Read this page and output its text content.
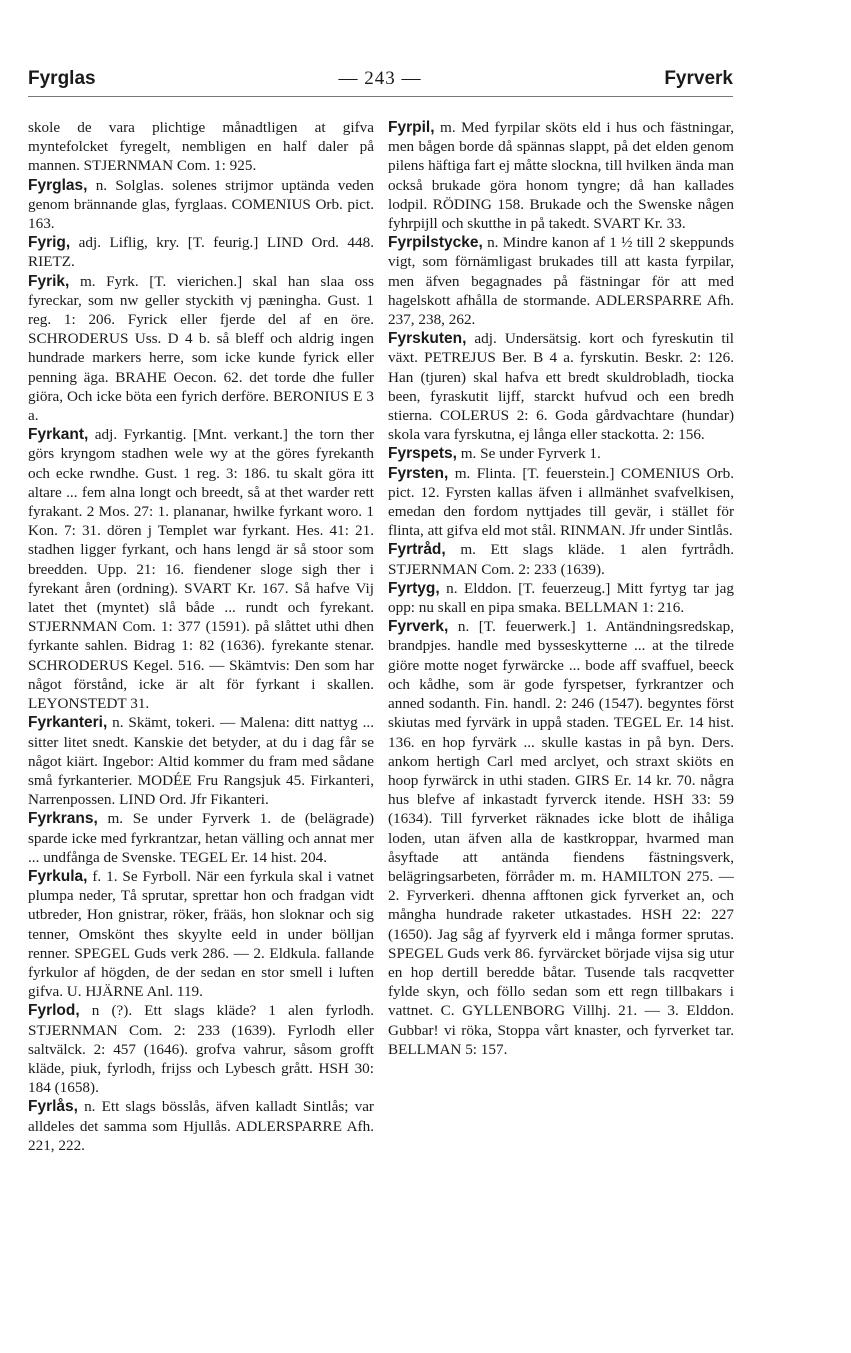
Fyrglas	— 243 —	Fyrverk

skole de vara plichtige månadtligen at gifva myntefolcket fyregelt, nembligen en half daler på mannen. STJERNMAN Com. 1: 925.

Fyrglas, n. Solglas. solenes strijmor uptända veden genom brännande glas, fyrglaas. COMENIUS Orb. pict. 163.

Fyrig, adj. Liflig, kry. [T. feurig.] LIND Ord. 448. RIETZ.

Fyrik, m. Fyrk. [T. vierichen.] skal han slaa oss fyreckar, som nw geller styckith vj pæningha. Gust. 1 reg. 1: 206. Fyrick eller fjerde del af en öre. SCHRODERUS Uss. D 4 b. så bleff och aldrig ingen hundrade markers herre, som icke kunde fyrick eller penning äga. BRAHE Oecon. 62. det torde dhe fuller giöra, Och icke böta een fyrich derföre. BERONIUS E 3 a.

Fyrkant, adj. Fyrkantig. [Mnt. verkant.] the torn ther görs kryngom stadhen wele wy at the göres fyrekanth och ecke rwndhe. Gust. 1 reg. 3: 186. tu skalt göra itt altare ... fem alna longt och breedt, så at thet warder rett fyrakant. 2 Mos. 27: 1. plananar, hwilke fyrkant woro. 1 Kon. 7: 31. dören j Templet war fyrkant. Hes. 41: 21. stadhen ligger fyrkant, och hans lengd är så stoor som breedden. Upp. 21: 16. fiendener sloge sigh ther i fyrekant åren (ordning). SVART Kr. 167. Så hafve Vij latet thet (myntet) slå både ... rundt och fyrekant. STJERNMAN Com. 1: 377 (1591). på slåttet uthi dhen fyrkante sahlen. Bidrag 1: 82 (1636). fyrekante stenar. SCHRODERUS Kegel. 516. — Skämtvis: Den som har något förstånd, icke är alt för fyrkant i skallen. LEYONSTEDT 31.

Fyrkanteri, n. Skämt, tokeri. — Malena: ditt nattyg ... sitter litet snedt. Kanskie det betyder, at du i dag får se något kiärt. Ingebor: Altid kommer du fram med sådane små fyrkanterier. MODÉE Fru Rangsjuk 45. Firkanteri, Narrenpossen. LIND Ord. Jfr Fikanteri.

Fyrkrans, m. Se under Fyrverk 1. de (belägrade) sparde icke med fyrkrantzar, hetan välling och annat mer ... undfånga de Svenske. TEGEL Er. 14 hist. 204.

Fyrkula, f. 1. Se Fyrboll. När een fyrkula skal i vatnet plumpa neder, Tå sprutar, sprettar hon och fradgan vidt utbreder, Hon gnistrar, röker, frääs, hon sloknar och sig tenner, Omskönt thes skyylte eeld in under bölljan renner. SPEGEL Guds verk 286. — 2. Eldkula. fallande fyrkulor af högden, de der sedan en stor smell i luften gifva. U. HJÄRNE Anl. 119.

Fyrlod, n (?). Ett slags kläde? 1 alen fyrlodh. STJERNMAN Com. 2: 233 (1639). Fyrlodh eller saltvälck. 2: 457 (1646). grofva vahrur, såsom grofft kläde, piuk, fyrlodh, frijss och Lybesch grått. HSH 30: 184 (1658).

Fyrlås, n. Ett slags bösslås, äfven kalladt Sintlås; var alldeles det samma som Hjullås. ADLERSPARRE Afh. 221, 222.

Fyrpil, m. Med fyrpilar sköts eld i hus och fästningar, men bågen borde då spännas slappt, på det elden genom pilens häftiga fart ej måtte slockna, till hvilken ända man också brukade göra honom tyngre; då han kallades lodpil. RÖDING 158. Brukade och the Swenske någen fyhrpijll och skutthe in på takedt. SVART Kr. 33.

Fyrpilstycke, n. Mindre kanon af 1 ½ till 2 skeppunds vigt, som förnämligast brukades till att kasta fyrpilar, men äfven begagnades på fästningar för att med hagelskott afhålla de stormande. ADLERSPARRE Afh. 237, 238, 262.

Fyrskuten, adj. Undersätsig. kort och fyreskutin til växt. PETREJUS Ber. B 4 a. fyrskutin. Beskr. 2: 126. Han (tjuren) skal hafva ett bredt skuldrobladh, tiocka been, fyraskutit lijff, starckt hufvud och een bredh stierna. COLERUS 2: 6. Goda gårdvachtare (hundar) skola vara fyrskutna, ej långa eller stackotta. 2: 156.

Fyrspets, m. Se under Fyrverk 1.

Fyrsten, m. Flinta. [T. feuerstein.] COMENIUS Orb. pict. 12. Fyrsten kallas äfven i allmänhet svafvelkisen, emedan den fordom nyttjades till gevär, i stället för flinta, att gifva eld mot stål. RINMAN. Jfr under Sintlås.

Fyrtråd, m. Ett slags kläde. 1 alen fyrtrådh. STJERNMAN Com. 2: 233 (1639).

Fyrtyg, n. Elddon. [T. feuerzeug.] Mitt fyrtyg tar jag opp: nu skall en pipa smaka. BELLMAN 1: 216.

Fyrverk, n. [T. feuerwerk.] 1. Antändningsredskap, brandpjes. handle med bysseskytterne ... at the tilrede giöre motte noget fyrwärcke ... bode aff svaffuel, beeck och kådhe, som är gode fyrspetser, fyrkrantzer och anned sodanth. Fin. handl. 2: 246 (1547). begyntes först skiutas med fyrvärk in uppå staden. TEGEL Er. 14 hist. 136. en hop fyrvärk ... skulle kastas in på byn. Ders. ankom hertigh Carl med arclyet, och straxt skiöts en hoop fyrwärck in uthi staden. GIRS Er. 14 kr. 70. några hus blefve af inkastadt fyrverck itende. HSH 33: 59 (1634). Till fyrverket räknades icke blott de ihåliga loden, utan äfven alla de kastkroppar, hvarmed man åsyftade att antända fiendens fästningsverk, belägringsarbeten, förråder m. m. HAMILTON 275. — 2. Fyrverkeri. dhenna afftonen gick fyrverket an, och månghа hundrade raketer utkastades. HSH 22: 227 (1650). Jag såg af fyyrverk eld i många former sprutas. SPEGEL Guds verk 86. fyrvärcket började vijsa sig utur en hop dertill beredde båtar. Tusende tals racqvetter fylde skyn, och föllo sedan som ett regn tillbakars i vattnet. C. GYLLENBORG Villhj. 21. — 3. Elddon. Gubbar! vi röka, Stoppa vårt knaster, och fyrverket tar. BELLMAN 5: 157.
